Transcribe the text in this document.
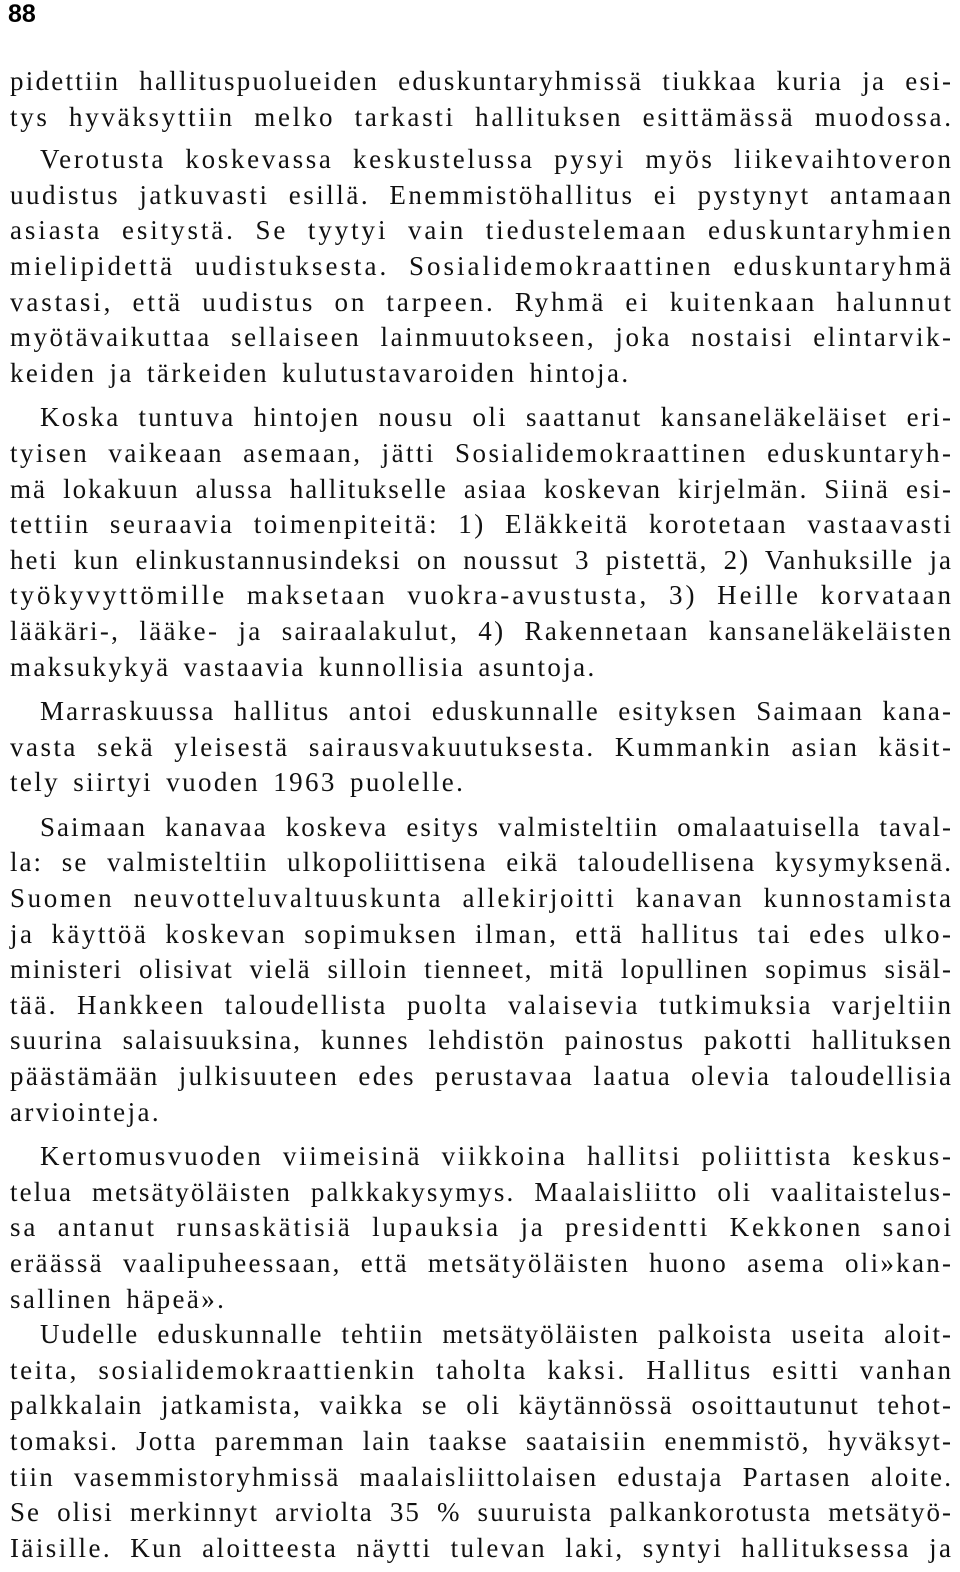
88
pidettiin hallituspuolueiden eduskuntaryhmissä tiukkaa kuria ja esi-
tys hyväksyttiin melko tarkasti hallituksen esittämässä muodossa.
Verotusta koskevassa keskustelussa pysyi myös liikevaihtoveron
uudistus jatkuvasti esillä. Enemmistöhallitus ei pystynyt antamaan
asiasta esitystä. Se tyytyi vain tiedustelemaan eduskuntaryhmien
mielipidettä uudistuksesta. Sosialidemokraattinen eduskuntaryhmä
vastasi, että uudistus on tarpeen. Ryhmä ei kuitenkaan halunnut
myötävaikuttaa sellaiseen lainmuutokseen, joka nostaisi elintarvik-
keiden ja tärkeiden kulutustavaroiden hintoja.
Koska tuntuva hintojen nousu oli saattanut kansaneläkeläiset eri-
tyisen vaikeaan asemaan, jätti Sosialidemokraattinen eduskuntaryh-
mä lokakuun alussa hallitukselle asiaa koskevan kirjelmän. Siinä esi-
tettiin seuraavia toimenpiteitä: 1) Eläkkeitä korotetaan vastaavasti
heti kun elinkustannusindeksi on noussut 3 pistettä, 2) Vanhuksille ja
työkyvyttömille maksetaan vuokra-avustusta, 3) Heille korvataan
lääkäri-, lääke- ja sairaalakulut, 4) Rakennetaan kansaneläkeläisten
maksukykyä vastaavia kunnollisia asuntoja.
Marraskuussa hallitus antoi eduskunnalle esityksen Saimaan kana-
vasta sekä yleisestä sairausvakuutuksesta. Kummankin asian käsit-
tely siirtyi vuoden 1963 puolelle.
Saimaan kanavaa koskeva esitys valmisteltiin omalaatuisella taval-
la: se valmisteltiin ulkopoliittisena eikä taloudellisena kysymyksenä.
Suomen neuvotteluvaltuuskunta allekirjoitti kanavan kunnostamista
ja käyttöä koskevan sopimuksen ilman, että hallitus tai edes ulko-
ministeri olisivat vielä silloin tienneet, mitä lopullinen sopimus sisäl-
tää. Hankkeen taloudellista puolta valaisevia tutkimuksia varjeltiin
suurina salaisuuksina, kunnes lehdistön painostus pakotti hallituksen
päästämään julkisuuteen edes perustavaa laatua olevia taloudellisia
arviointeja.
Kertomusvuoden viimeisinä viikkoina hallitsi poliittista keskus-
telua metsätyöläisten palkkakysymys. Maalaisliitto oli vaalitaistelus-
sa antanut runsaskätisiä lupauksia ja presidentti Kekkonen sanoi
eräässä vaalipuheessaan, että metsätyöläisten huono asema oli»kan-
sallinen häpeä».
Uudelle eduskunnalle tehtiin metsätyöläisten palkoista useita aloit-
teita, sosialidemokraattienkin taholta kaksi. Hallitus esitti vanhan
palkkalain jatkamista, vaikka se oli käytännössä osoittautunut tehot-
tomaksi. Jotta paremman lain taakse saataisiin enemmistö, hyväksyt-
tiin vasemmistoryhmissä maalaisliittolaisen edustaja Partasen aloite.
Se olisi merkinnyt arviolta 35 % suuruista palkankorotusta metsätyö-
Iäisille. Kun aloitteesta näytti tulevan laki, syntyi hallituksessa ja
